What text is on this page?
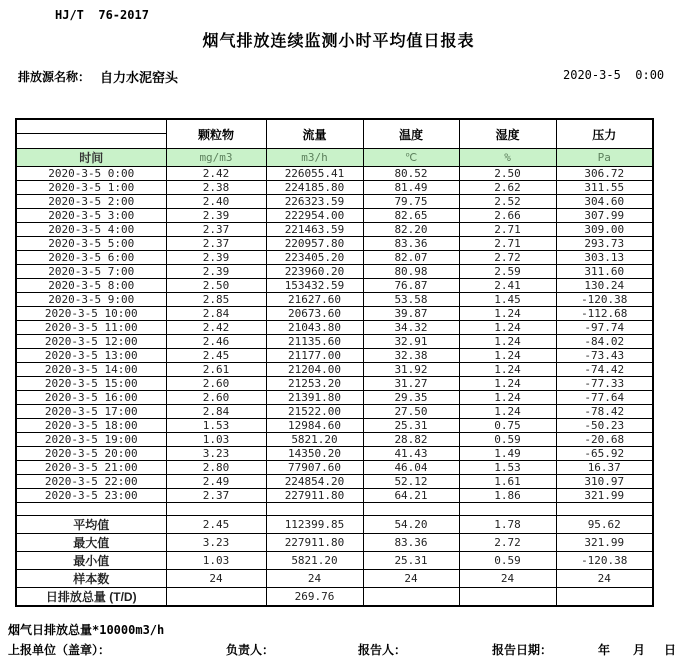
HJ/T  76-2017
烟气排放连续监测小时平均值日报表
排放源名称： 自力水泥窑头	2020-3-5  0:00
	颗粒物	流量	温度	湿度	压力
时间	mg/m3	m3/h	℃	%	Pa
2020-3-5 0:00	2.42	226055.41	80.52	2.50	306.72
2020-3-5 1:00	2.38	224185.80	81.49	2.62	311.55
2020-3-5 2:00	2.40	226323.59	79.75	2.52	304.60
2020-3-5 3:00	2.39	222954.00	82.65	2.66	307.99
2020-3-5 4:00	2.37	221463.59	82.20	2.71	309.00
2020-3-5 5:00	2.37	220957.80	83.36	2.71	293.73
2020-3-5 6:00	2.39	223405.20	82.07	2.72	303.13
2020-3-5 7:00	2.39	223960.20	80.98	2.59	311.60
2020-3-5 8:00	2.50	153432.59	76.87	2.41	130.24
2020-3-5 9:00	2.85	21627.60	53.58	1.45	-120.38
2020-3-5 10:00	2.84	20673.60	39.87	1.24	-112.68
2020-3-5 11:00	2.42	21043.80	34.32	1.24	-97.74
2020-3-5 12:00	2.46	21135.60	32.91	1.24	-84.02
2020-3-5 13:00	2.45	21177.00	32.38	1.24	-73.43
2020-3-5 14:00	2.61	21204.00	31.92	1.24	-74.42
2020-3-5 15:00	2.60	21253.20	31.27	1.24	-77.33
2020-3-5 16:00	2.60	21391.80	29.35	1.24	-77.64
2020-3-5 17:00	2.84	21522.00	27.50	1.24	-78.42
2020-3-5 18:00	1.53	12984.60	25.31	0.75	-50.23
2020-3-5 19:00	1.03	5821.20	28.82	0.59	-20.68
2020-3-5 20:00	3.23	14350.20	41.43	1.49	-65.92
2020-3-5 21:00	2.80	77907.60	46.04	1.53	16.37
2020-3-5 22:00	2.49	224854.20	52.12	1.61	310.97
2020-3-5 23:00	2.37	227911.80	64.21	1.86	321.99

平均值	2.45	112399.85	54.20	1.78	95.62
最大值	3.23	227911.80	83.36	2.72	321.99
最小值	1.03	5821.20	25.31	0.59	-120.38
样本数	24	24	24	24	24
日排放总量 (T/D)		269.76			
烟气日排放总量*10000m3/h
上报单位（盖章）：	负责人：	报告人：	报告日期：	年 月 日
